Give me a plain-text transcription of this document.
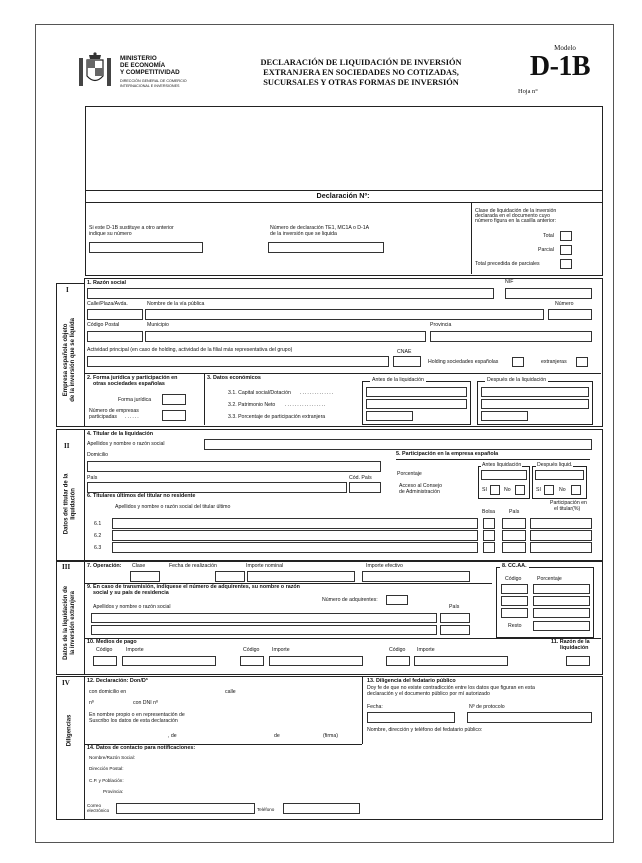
MINISTERIO
DE ECONOMÍA
Y COMPETITIVIDAD
DIRECCIÓN GENERAL DE COMERCIO
INTERNACIONAL E INVERSIONES
DECLARACIÓN DE LIQUIDACIÓN DE INVERSIÓN
EXTRANJERA EN SOCIEDADES NO COTIZADAS,
SUCURSALES Y OTRAS FORMAS DE INVERSIÓN
Modelo
D-1B
Hoja n°
Declaración Nº:
Si este D-1B sustituye a otro anterior
indique su número
Número de declaración TE1, MC1A o D-1A
de la inversión que se liquida
Clase de liquidación de la inversión
declarada en el documento cuyo
número figura en la casilla anterior:
Total
Parcial
Total precedida de parciales
I
Empresa española objeto
de la inversión que se liquida
1. Razón social	NIF
Calle/Plaza/Avda.	Nombre de la vía pública	Número
Código Postal	Municipio	Provincia
Actividad principal (en caso de holding, actividad de la filial más representativa del grupo)	CNAE
Holding sociedades españolas	extranjeras
2. Forma jurídica y participación en
otras sociedades españolas
Forma jurídica
Número de empresas
participadas ......
3. Datos económicos
3.1. Capital social/Dotación ..............
3.2. Patrimonio Neto .................
3.3. Porcentaje de participación extranjera
Antes de la liquidación	Después de la liquidación
II
Datos del titular de la
liquidación
4. Titular de la liquidación
Apellidos y nombre o razón social
Domicilio
País	Cód. País
5. Participación en la empresa española
Antes liquidación	Después liquid.
Porcentaje
Acceso al Consejo
de Administración	SI	No	SI	No
6. Titulares últimos del titular no residente
Apellidos y nombre o razón social del titular último
Bolsa	País
Participación en
el titular(%)
6.1
6.2
6.3
III
Datos de la liquidación de
la inversión extranjera
7. Operación: Clase	Fecha de realización	Importe nominal	Importe efectivo	8. CC.AA.
Código	Porcentaje
Resto
9. En caso de transmisión, indíquese el número de adquirentes, su nombre o razón
social y su país de residencia
Número de adquirentes:
Apellidos y nombre o razón social	País
10. Medios de pago
Código	Importe	Código Importe	Código Importe
11. Razón de la
liquidación
IV
Diligencias
12. Declaración: Don/Dª
con domicilio en	calle
nº	con DNI nº
En nombre propio o en representación de
Suscribo los datos de esta declaración
, de	de	(firma)
13. Diligencia del fedatario público
Doy fe de que no existe contradicción entre los datos que figuran en esta
declaración y el documento público por mí autorizado
Fecha:	Nº de protocolo
Nombre, dirección y teléfono del fedatario público:
14. Datos de contacto para notificaciones:
Nombre/Razón Social:
Dirección Postal:
C.P. y Población:
Provincia:
Correo
electrónico	Teléfono
